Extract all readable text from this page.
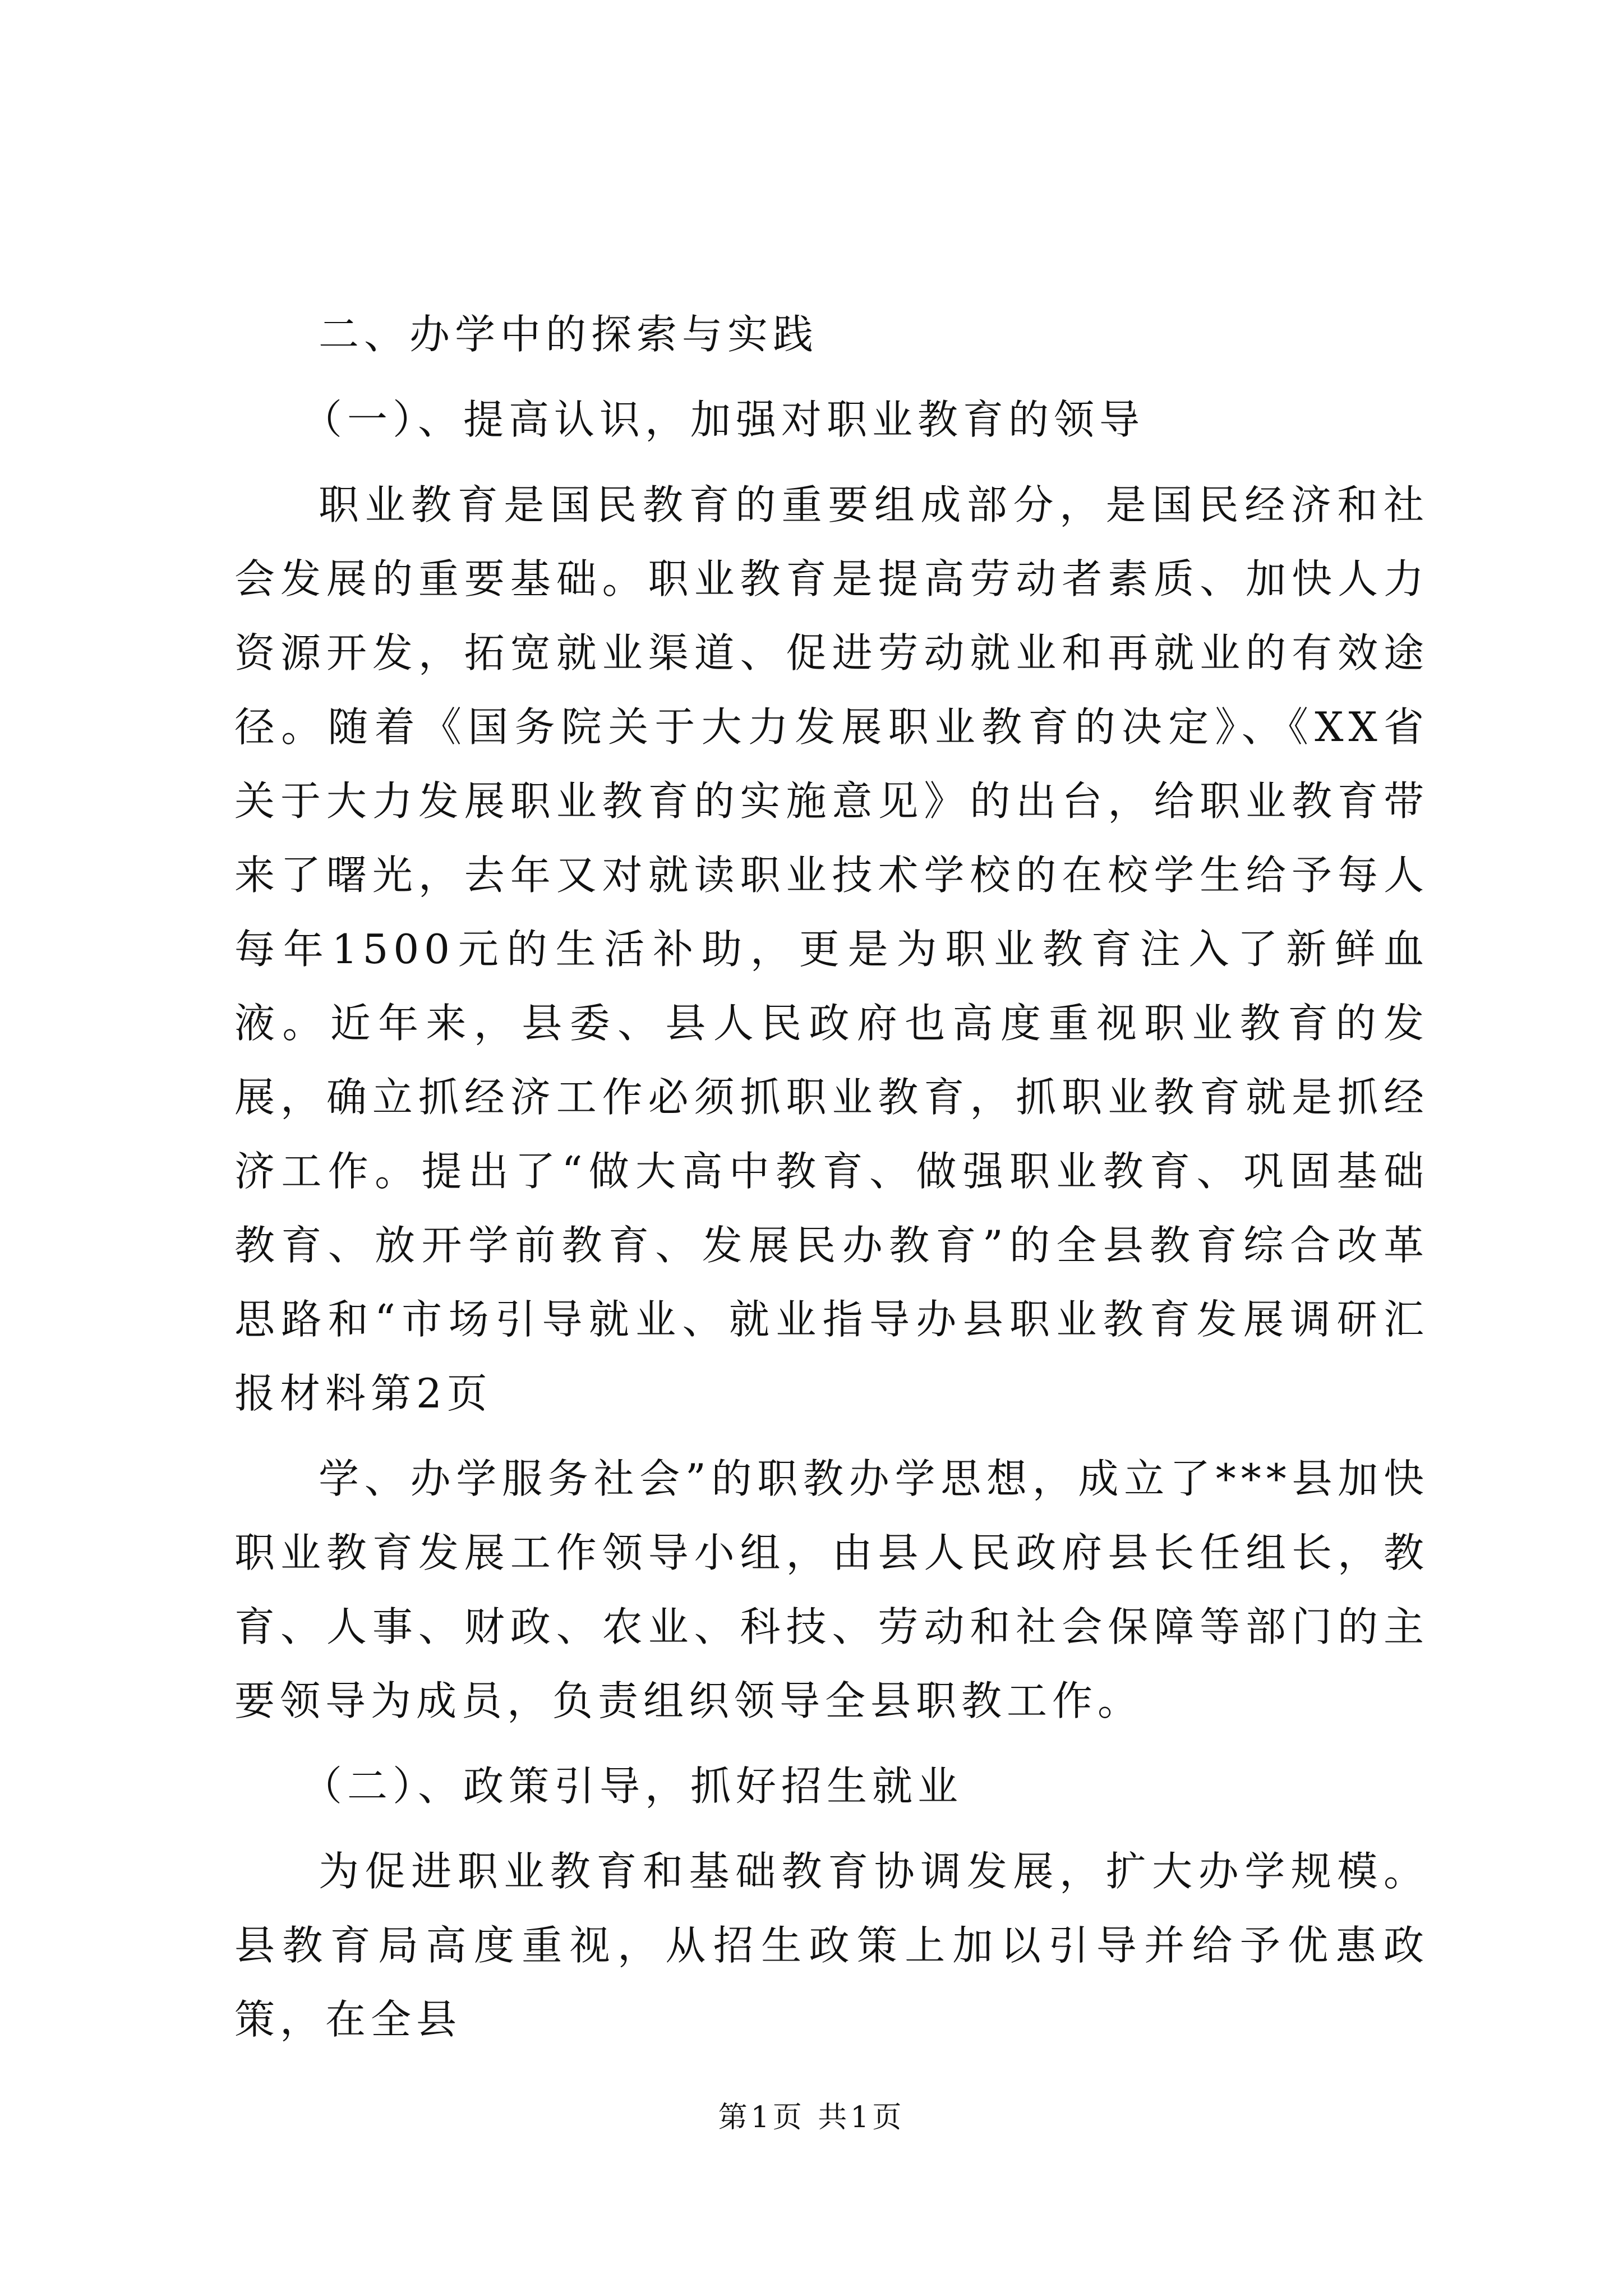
二、办学中的探索与实践

（一）、提高认识，加强对职业教育的领导

职业教育是国民教育的重要组成部分，是国民经济和社会发展的重要基础。职业教育是提高劳动者素质、加快人力资源开发，拓宽就业渠道、促进劳动就业和再就业的有效途径。随着《国务院关于大力发展职业教育的决定》、《XX省关于大力发展职业教育的实施意见》的出台，给职业教育带来了曙光，去年又对就读职业技术学校的在校学生给予每人每年1500元的生活补助，更是为职业教育注入了新鲜血液。近年来，县委、县人民政府也高度重视职业教育的发展，确立抓经济工作必须抓职业教育，抓职业教育就是抓经济工作。提出了“做大高中教育、做强职业教育、巩固基础教育、放开学前教育、发展民办教育”的全县教育综合改革思路和“市场引导就业、就业指导办县职业教育发展调研汇报材料第2页

学、办学服务社会”的职教办学思想，成立了***县加快职业教育发展工作领导小组，由县人民政府县长任组长，教育、人事、财政、农业、科技、劳动和社会保障等部门的主要领导为成员，负责组织领导全县职教工作。

（二）、政策引导，抓好招生就业

为促进职业教育和基础教育协调发展，扩大办学规模。县教育局高度重视，从招生政策上加以引导并给予优惠政策，在全县

第1页 共1页
